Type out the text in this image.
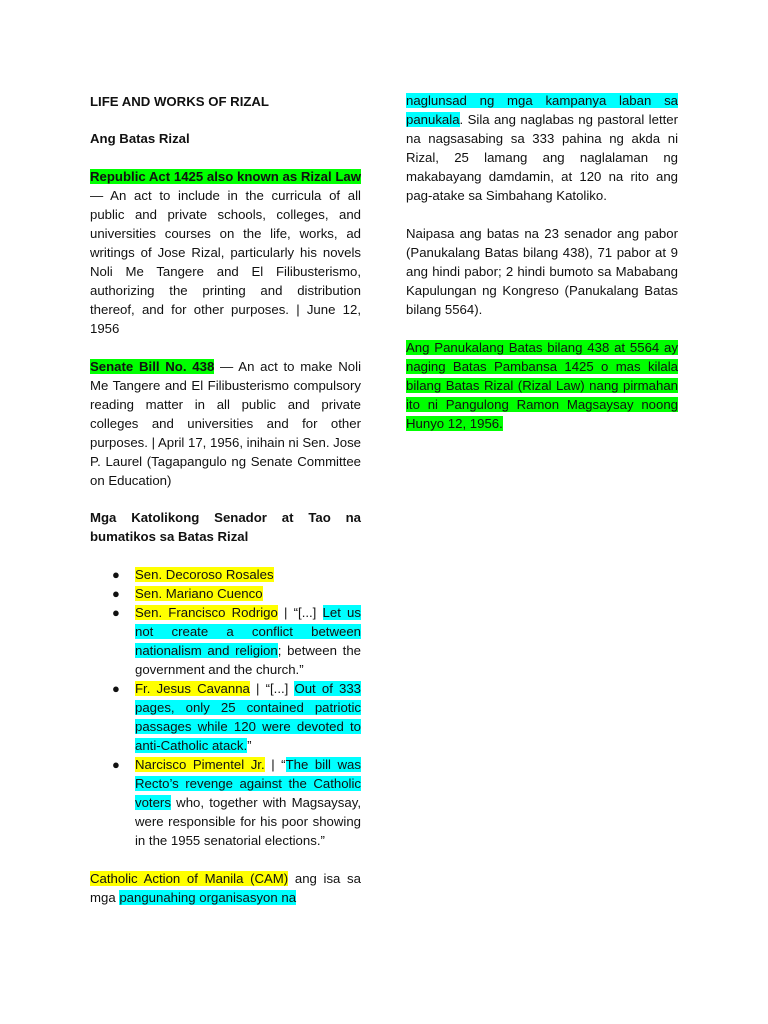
LIFE AND WORKS OF RIZAL
Ang Batas Rizal

Republic Act 1425 also known as Rizal Law — An act to include in the curricula of all public and private schools, colleges, and universities courses on the life, works, ad writings of Jose Rizal, particularly his novels Noli Me Tangere and El Filibusterismo, authorizing the printing and distribution thereof, and for other purposes. | June 12, 1956

Senate Bill No. 438 — An act to make Noli Me Tangere and El Filibusterismo compulsory reading matter in all public and private colleges and universities and for other purposes. | April 17, 1956, inihain ni Sen. Jose P. Laurel (Tagapangulo ng Senate Committee on Education)

Mga Katolikong Senador at Tao na bumatikos sa Batas Rizal
● Sen. Decoroso Rosales
● Sen. Mariano Cuenco
● Sen. Francisco Rodrigo | “[...] Let us not create a conflict between nationalism and religion; between the government and the church.”
● Fr. Jesus Cavanna | “[...] Out of 333 pages, only 25 contained patriotic passages while 120 were devoted to anti-Catholic atack.”
● Narcisco Pimentel Jr. | “The bill was Recto’s revenge against the Catholic voters who, together with Magsaysay, were responsible for his poor showing in the 1955 senatorial elections.”

Catholic Action of Manila (CAM) ang isa sa mga pangunahing organisasyon na

naglunsad ng mga kampanya laban sa panukala. Sila ang naglabas ng pastoral letter na nagsasabing sa 333 pahina ng akda ni Rizal, 25 lamang ang naglalaman ng makabayang damdamin, at 120 na rito ang pag-atake sa Simbahang Katoliko.

Naipasa ang batas na 23 senador ang pabor (Panukalang Batas bilang 438), 71 pabor at 9 ang hindi pabor; 2 hindi bumoto sa Mababang Kapulungan ng Kongreso (Panukalang Batas bilang 5564).

Ang Panukalang Batas bilang 438 at 5564 ay naging Batas Pambansa 1425 o mas kilala bilang Batas Rizal (Rizal Law) nang pirmahan ito ni Pangulong Ramon Magsaysay noong Hunyo 12, 1956.
